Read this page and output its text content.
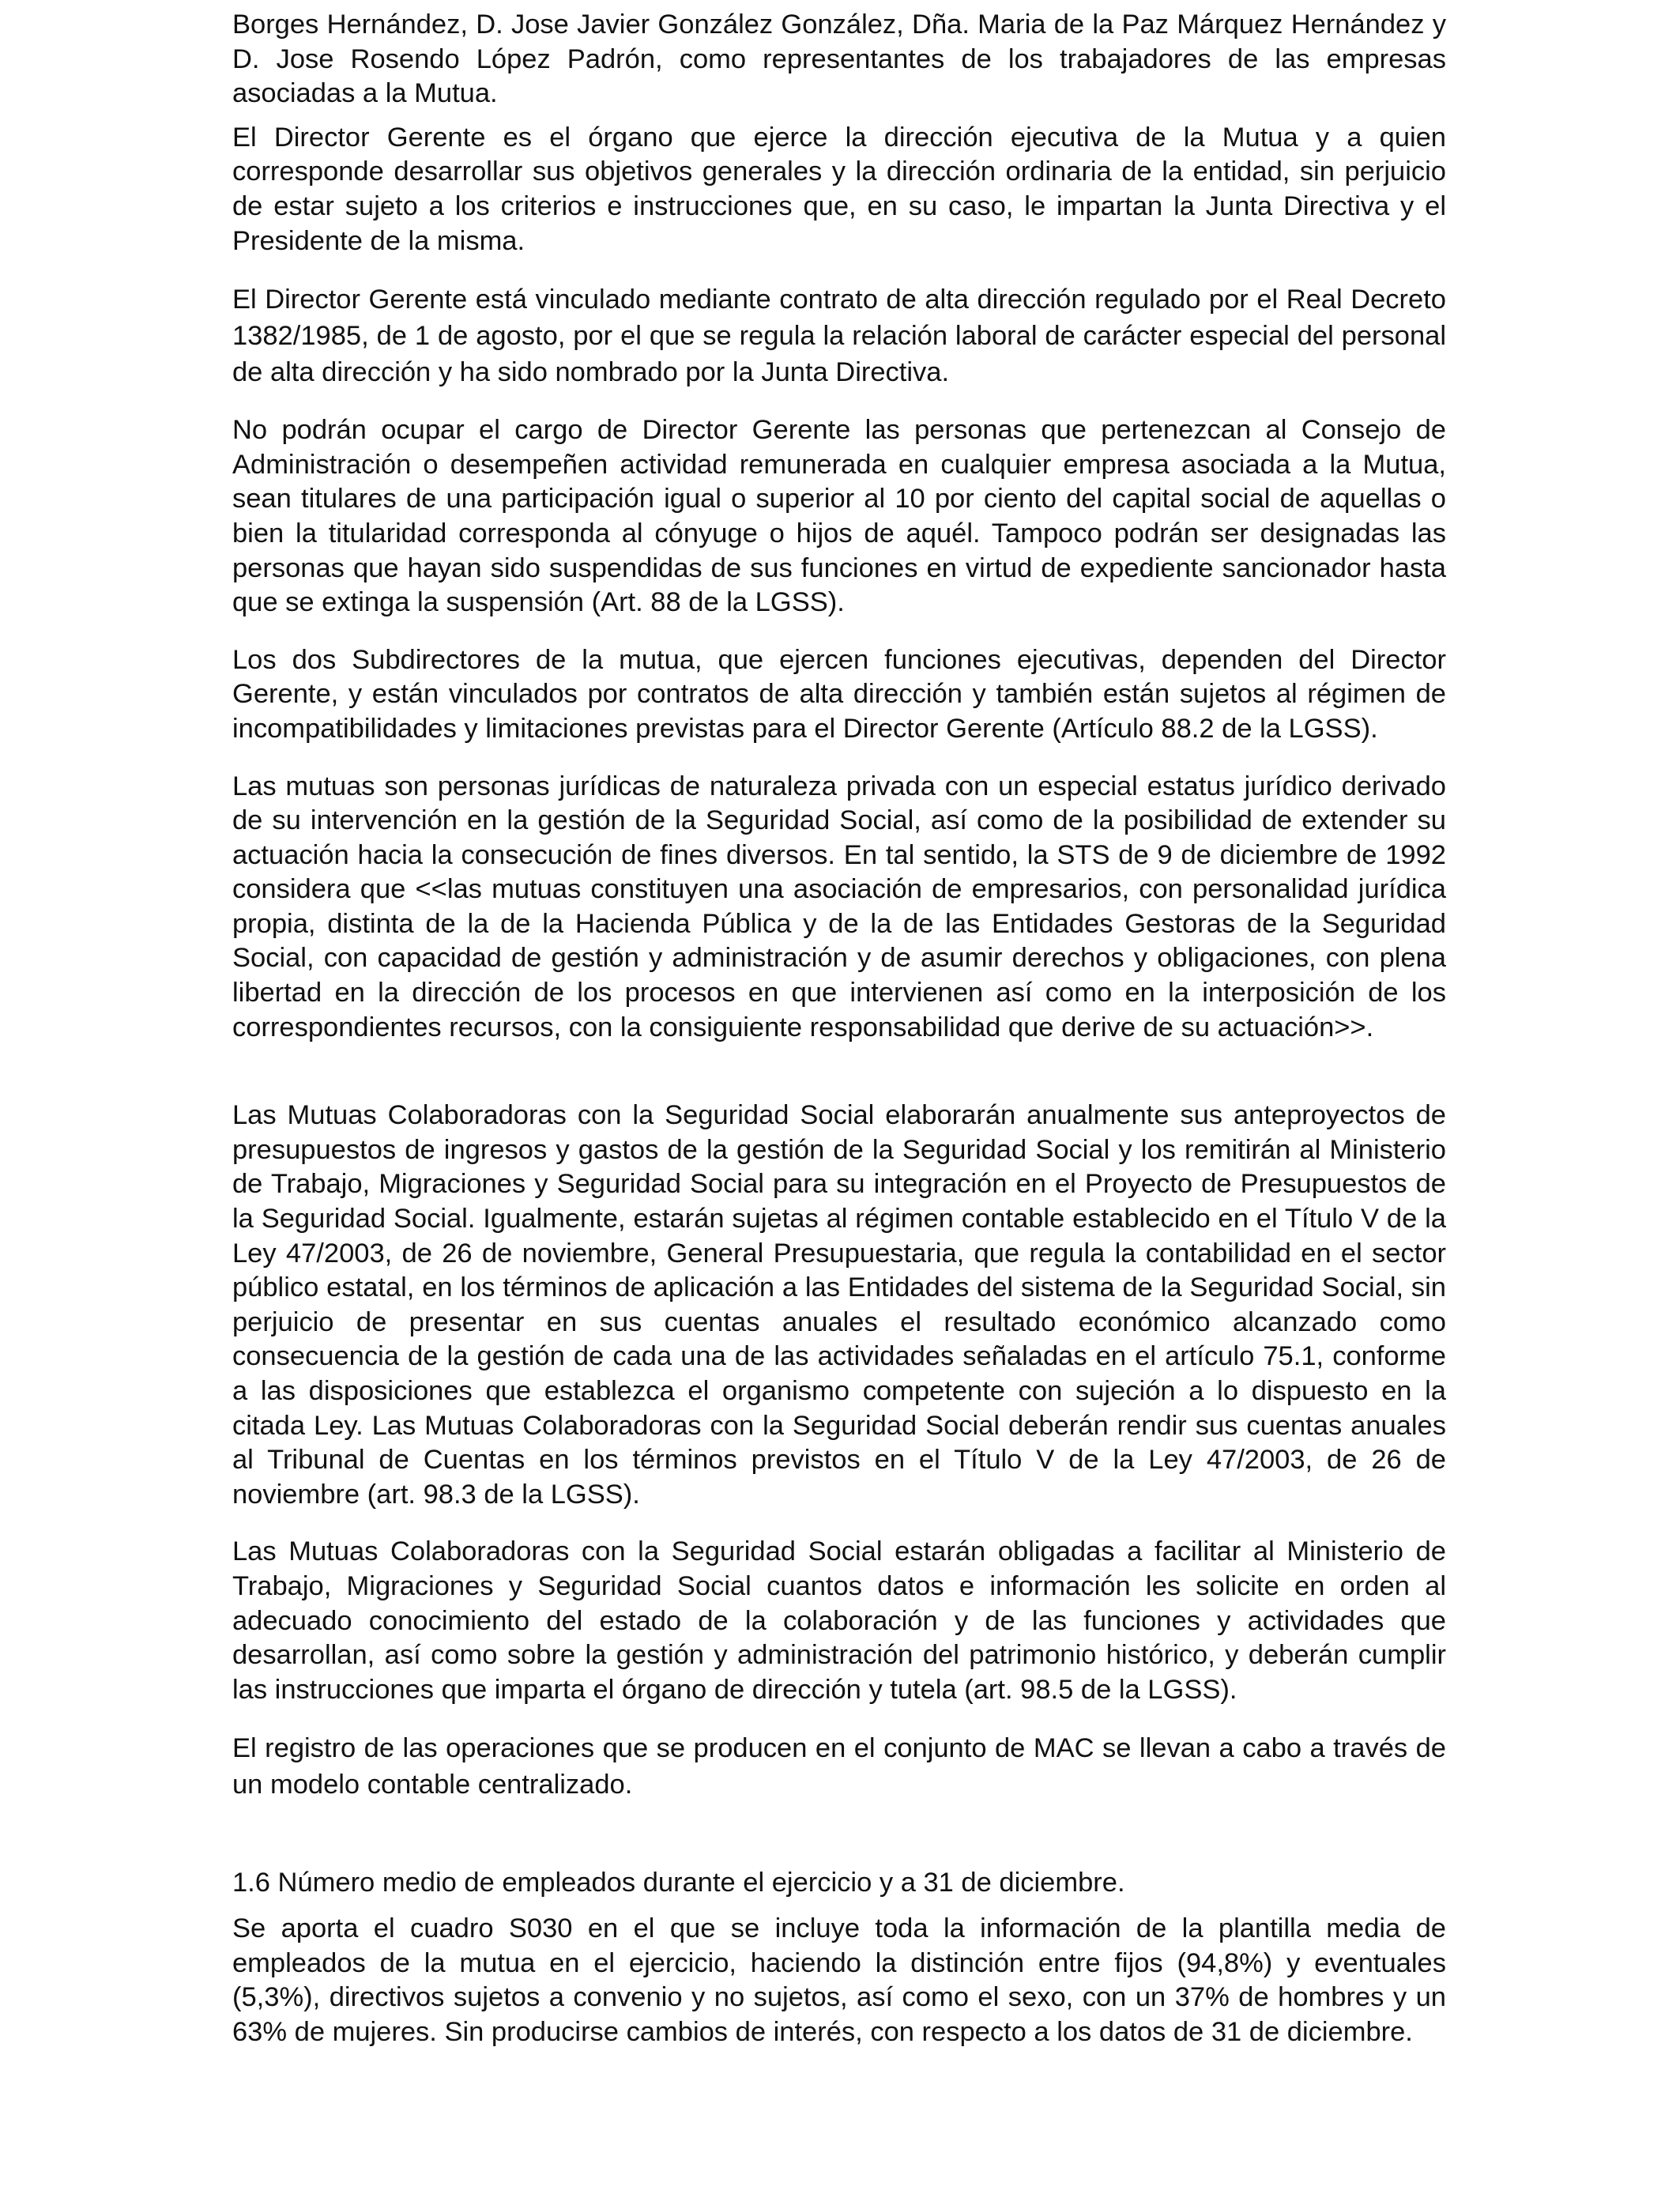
Borges Hernández, D. Jose Javier González González, Dña. Maria de la Paz Márquez Hernández y D. Jose Rosendo López Padrón, como representantes de los trabajadores de las empresas asociadas a la Mutua.

El Director Gerente es el órgano que ejerce la dirección ejecutiva de la Mutua y a quien corresponde desarrollar sus objetivos generales y la dirección ordinaria de la entidad, sin perjuicio de estar sujeto a los criterios e instrucciones que, en su caso, le impartan la Junta Directiva y el Presidente de la misma.

El Director Gerente está vinculado mediante contrato de alta dirección regulado por el Real Decreto 1382/1985, de 1 de agosto, por el que se regula la relación laboral de carácter especial del personal de alta dirección y ha sido nombrado por la Junta Directiva.

No podrán ocupar el cargo de Director Gerente las personas que pertenezcan al Consejo de Administración o desempeñen actividad remunerada en cualquier empresa asociada a la Mutua, sean titulares de una participación igual o superior al 10 por ciento del capital social de aquellas o bien la titularidad corresponda al cónyuge o hijos de aquél. Tampoco podrán ser designadas las personas que hayan sido suspendidas de sus funciones en virtud de expediente sancionador hasta que se extinga la suspensión (Art. 88 de la LGSS).

Los dos Subdirectores de la mutua, que ejercen funciones ejecutivas, dependen del Director Gerente, y están vinculados por contratos de alta dirección y también están sujetos al régimen de incompatibilidades y limitaciones previstas para el Director Gerente (Artículo 88.2 de la LGSS).

Las mutuas son personas jurídicas de naturaleza privada con un especial estatus jurídico derivado de su intervención en la gestión de la Seguridad Social, así como de la posibilidad de extender su actuación hacia la consecución de fines diversos. En tal sentido, la STS de 9 de diciembre de 1992 considera que <<las mutuas constituyen una asociación de empresarios, con personalidad jurídica propia, distinta de la de la Hacienda Pública y de la de las Entidades Gestoras de la Seguridad Social, con capacidad de gestión y administración y de asumir derechos y obligaciones, con plena libertad en la dirección de los procesos en que intervienen así como en la interposición de los correspondientes recursos, con la consiguiente responsabilidad que derive de su actuación>>.

Las Mutuas Colaboradoras con la Seguridad Social elaborarán anualmente sus anteproyectos de presupuestos de ingresos y gastos de la gestión de la Seguridad Social y los remitirán al Ministerio de Trabajo, Migraciones y Seguridad Social para su integración en el Proyecto de Presupuestos de la Seguridad Social. Igualmente, estarán sujetas al régimen contable establecido en el Título V de la Ley 47/2003, de 26 de noviembre, General Presupuestaria, que regula la contabilidad en el sector público estatal, en los términos de aplicación a las Entidades del sistema de la Seguridad Social, sin perjuicio de presentar en sus cuentas anuales el resultado económico alcanzado como consecuencia de la gestión de cada una de las actividades señaladas en el artículo 75.1, conforme a las disposiciones que establezca el organismo competente con sujeción a lo dispuesto en la citada Ley. Las Mutuas Colaboradoras con la Seguridad Social deberán rendir sus cuentas anuales al Tribunal de Cuentas en los términos previstos en el Título V de la Ley 47/2003, de 26 de noviembre (art. 98.3 de la LGSS).

Las Mutuas Colaboradoras con la Seguridad Social estarán obligadas a facilitar al Ministerio de Trabajo, Migraciones y Seguridad Social cuantos datos e información les solicite en orden al adecuado conocimiento del estado de la colaboración y de las funciones y actividades que desarrollan, así como sobre la gestión y administración del patrimonio histórico, y deberán cumplir las instrucciones que imparta el órgano de dirección y tutela (art. 98.5 de la LGSS).

El registro de las operaciones que se producen en el conjunto de MAC se llevan a cabo a través de un modelo contable centralizado.

1.6 Número medio de empleados durante el ejercicio y a 31 de diciembre.

Se aporta el cuadro S030 en el que se incluye toda la información de la plantilla media de empleados de la mutua en el ejercicio, haciendo la distinción entre fijos (94,8%) y eventuales (5,3%), directivos sujetos a convenio y no sujetos, así como el sexo, con un 37% de hombres y un 63% de mujeres. Sin producirse cambios de interés, con respecto a los datos de 31 de diciembre.
